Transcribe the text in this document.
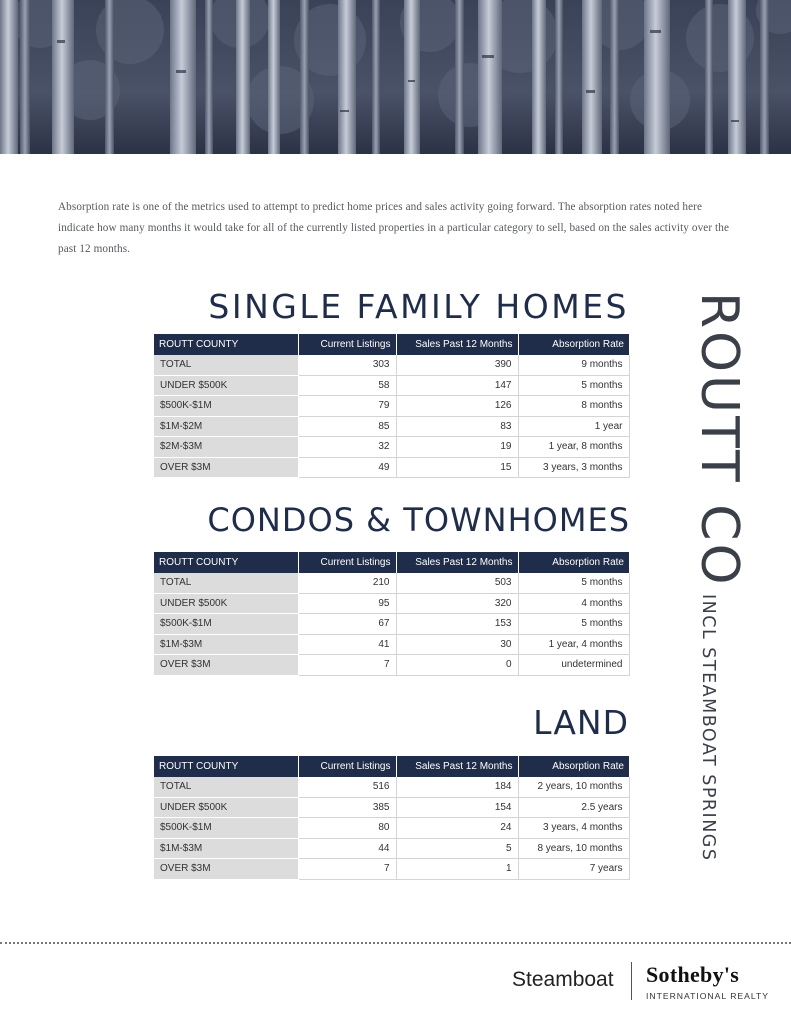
Absorption rate is one of the metrics used to attempt to predict home prices and sales activity going forward. The absorption rates noted here indicate how many months it would take for all of the currently listed properties in a particular category to sell, based on the sales activity over the past 12 months.

SINGLE FAMILY HOMES
ROUTT COUNTY	Current Listings	Sales Past 12 Months	Absorption Rate
TOTAL	303	390	9 months
UNDER $500K	58	147	5 months
$500K-$1M	79	126	8 months
$1M-$2M	85	83	1 year
$2M-$3M	32	19	1 year, 8 months
OVER $3M	49	15	3 years, 3 months
CONDOS & TOWNHOMES
ROUTT COUNTY	Current Listings	Sales Past 12 Months	Absorption Rate
TOTAL	210	503	5 months
UNDER $500K	95	320	4 months
$500K-$1M	67	153	5 months
$1M-$3M	41	30	1 year, 4 months
OVER $3M	7	0	undetermined
LAND
ROUTT COUNTY	Current Listings	Sales Past 12 Months	Absorption Rate
TOTAL	516	184	2 years, 10 months
UNDER $500K	385	154	2.5 years
$500K-$1M	80	24	3 years, 4 months
$1M-$3M	44	5	8 years, 10 months
OVER $3M	7	1	7 years
ROUTT CO
INCL STEAMBOAT SPRINGS
Steamboat Sotheby's
INTERNATIONAL REALTY
